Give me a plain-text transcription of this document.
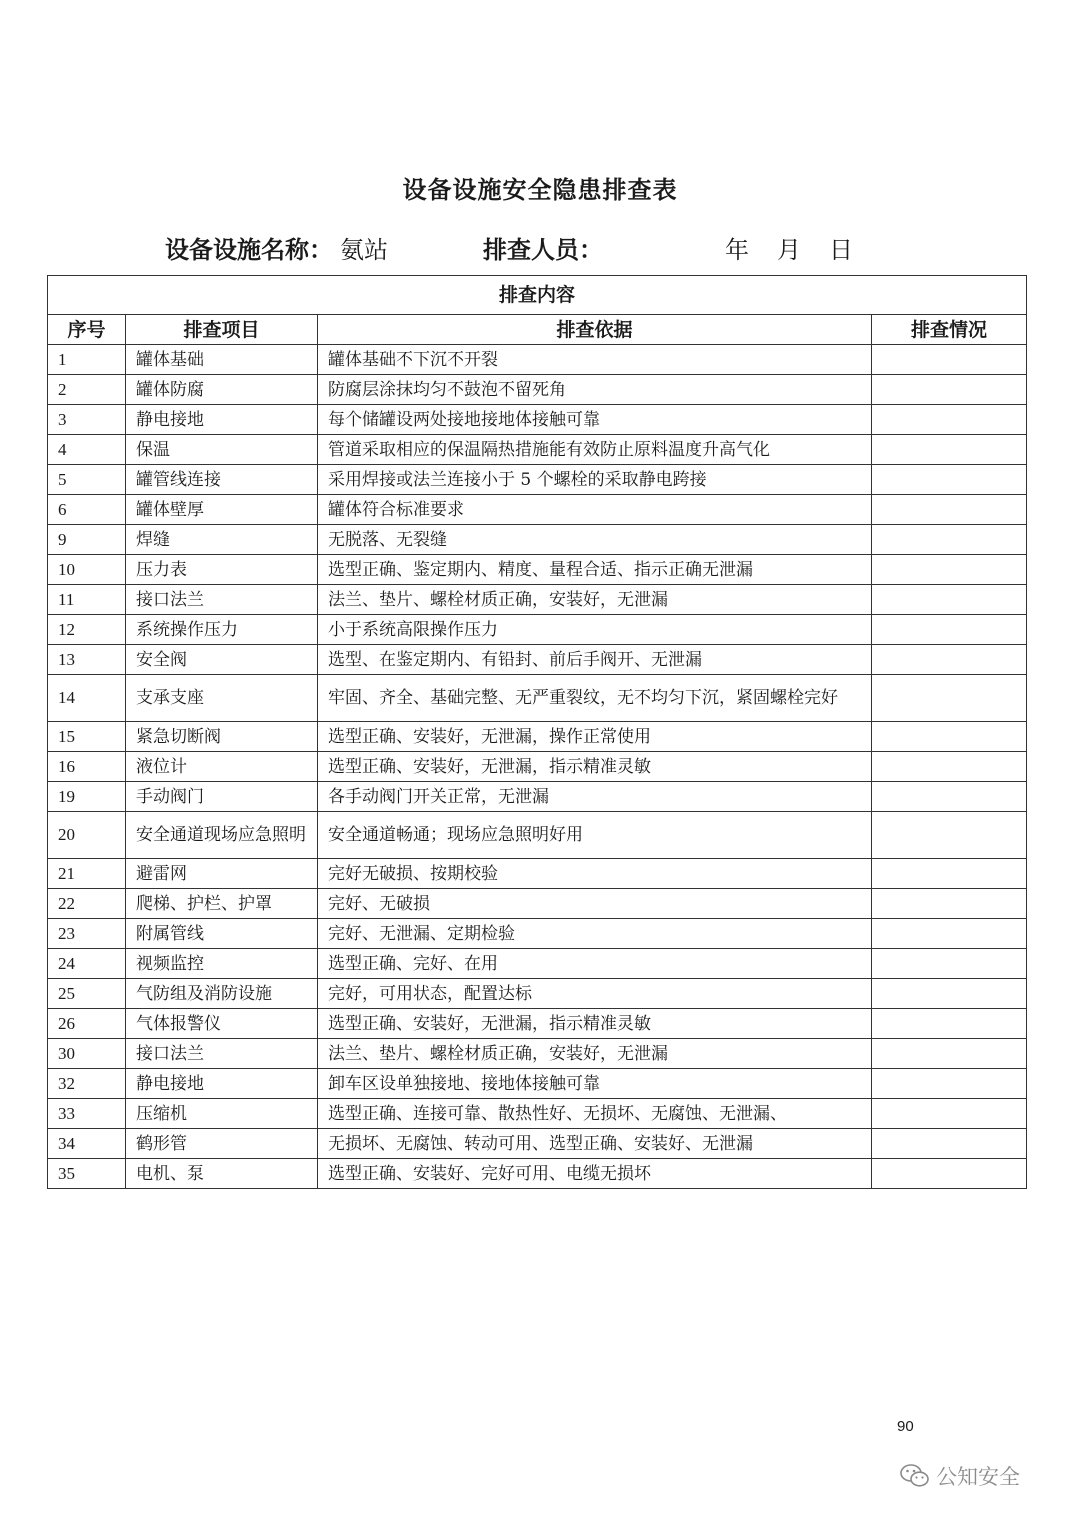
设备设施安全隐患排查表
设备设施名称： 氨站	排查人员：	年 月 日
排查内容			
序号	排查项目	排查依据	排查情况
1	罐体基础	罐体基础不下沉不开裂	
2	罐体防腐	防腐层涂抹均匀不鼓泡不留死角	
3	静电接地	每个储罐设两处接地接地体接触可靠	
4	保温	管道采取相应的保温隔热措施能有效防止原料温度升高气化	
5	罐管线连接	采用焊接或法兰连接小于 5 个螺栓的采取静电跨接	
6	罐体壁厚	罐体符合标准要求	
9	焊缝	无脱落、无裂缝	
10	压力表	选型正确、鉴定期内、精度、量程合适、指示正确无泄漏	
11	接口法兰	法兰、垫片、螺栓材质正确，安装好，无泄漏	
12	系统操作压力	小于系统高限操作压力	
13	安全阀	选型、在鉴定期内、有铅封、前后手阀开、无泄漏	
14	支承支座	牢固、齐全、基础完整、无严重裂纹，无不均匀下沉，紧固螺栓完好	
15	紧急切断阀	选型正确、安装好，无泄漏，操作正常使用	
16	液位计	选型正确、安装好，无泄漏，指示精准灵敏	
19	手动阀门	各手动阀门开关正常，无泄漏	
20	安全通道现场应急照明	安全通道畅通；现场应急照明好用	
21	避雷网	完好无破损、按期校验	
22	爬梯、护栏、护罩	完好、无破损	
23	附属管线	完好、无泄漏、定期检验	
24	视频监控	选型正确、完好、在用	
25	气防组及消防设施	完好，可用状态，配置达标	
26	气体报警仪	选型正确、安装好，无泄漏，指示精准灵敏	
30	接口法兰	法兰、垫片、螺栓材质正确，安装好，无泄漏	
32	静电接地	卸车区设单独接地、接地体接触可靠	
33	压缩机	选型正确、连接可靠、散热性好、无损坏、无腐蚀、无泄漏、	
34	鹤形管	无损坏、无腐蚀、转动可用、选型正确、安装好、无泄漏	
35	电机、泵	选型正确、安装好、完好可用、电缆无损坏	
90
公知安全
